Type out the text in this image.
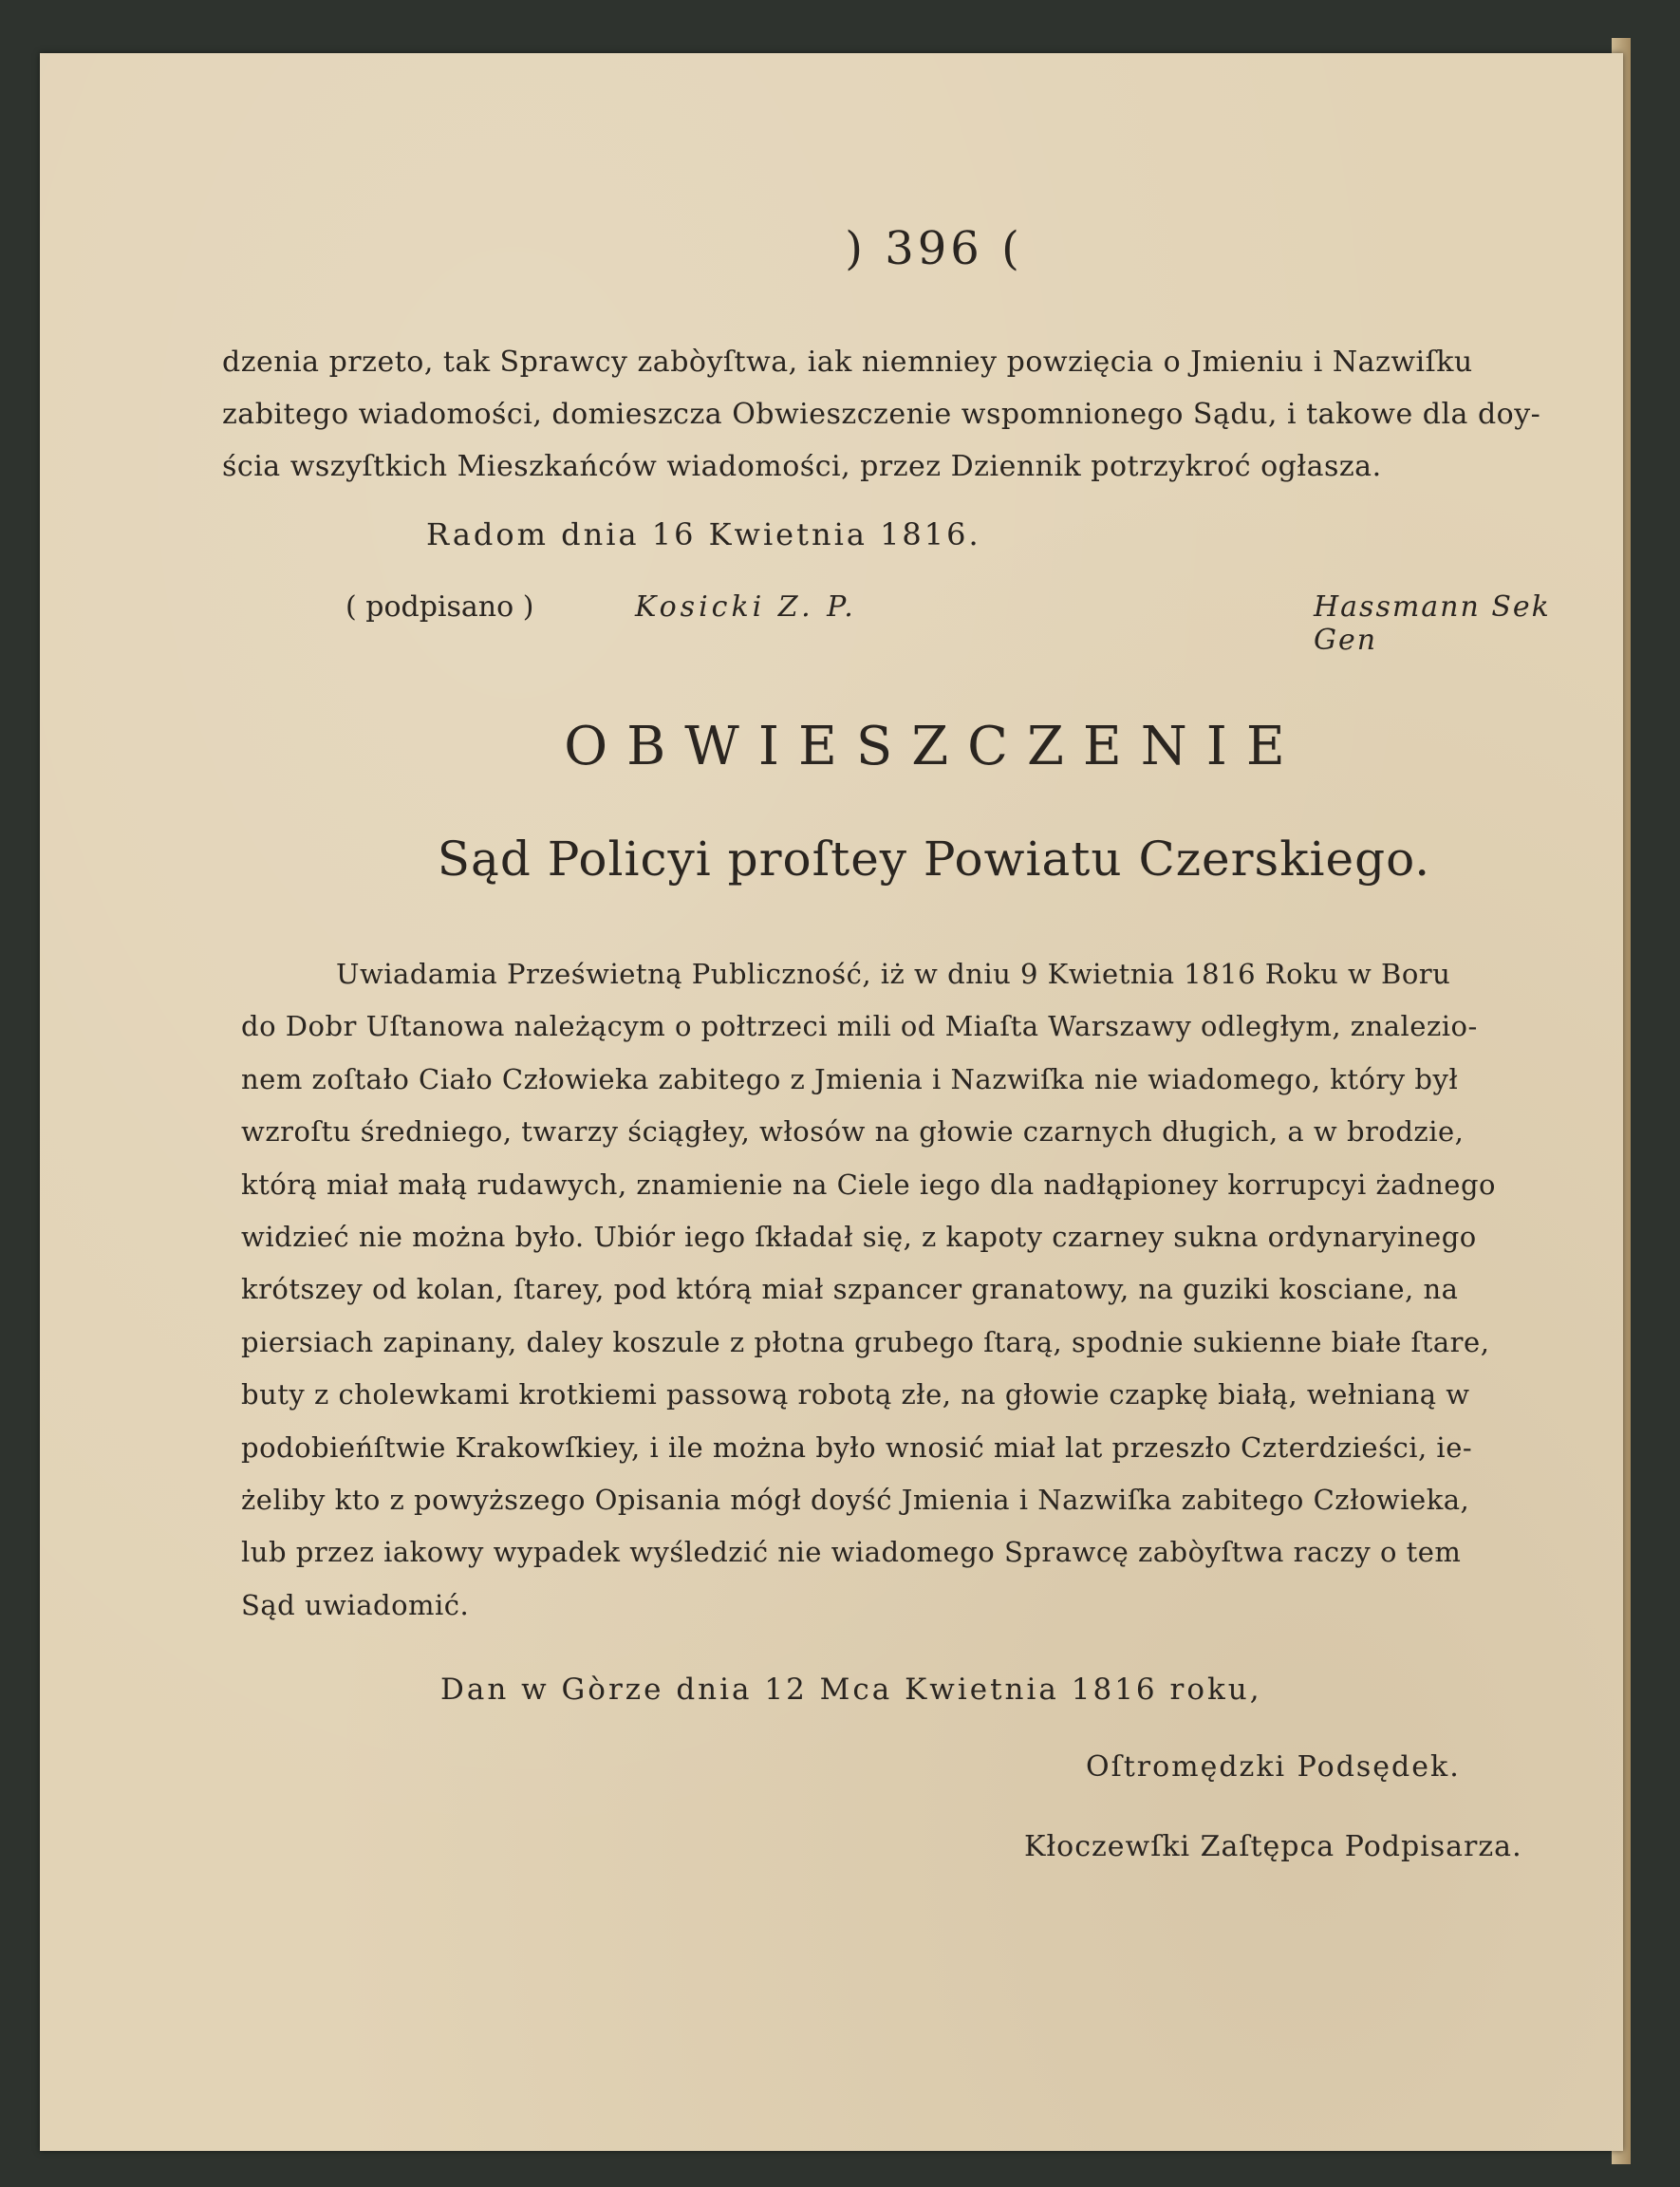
) 396 (
dzenia przeto, tak Sprawcy zabòyſtwa, iak niemniey powzięcia o Jmieniu i Nazwiſku
zabitego wiadomości, domieszcza Obwieszczenie wspomnionego Sądu, i takowe dla doy-
ścia wszyſtkich Mieszkańców wiadomości, przez Dziennik potrzykroć ogłasza.
Radom dnia 16 Kwietnia 1816.
( podpisano )	Kosicki Z. P.	Hassmann Sek Gen
OBWIESZCZENIE
Sąd Policyi proſtey Powiatu Czerskiego.
Uwiadamia Prześwietną Publiczność, iż w dniu 9 Kwietnia 1816 Roku w Boru
do Dobr Uſtanowa należącym o połtrzeci mili od Miaſta Warszawy odległym, znalezio-
nem zoſtało Ciało Człowieka zabitego z Jmienia i Nazwiſka nie wiadomego, który był
wzroſtu średniego, twarzy ściągłey, włosów na głowie czarnych długich, a w brodzie,
którą miał małą rudawych, znamienie na Ciele iego dla nadłąpioney korrupcyi żadnego
widzieć nie można było. Ubiór iego ſkładał się, z kapoty czarney sukna ordynaryinego
krótszey od kolan, ſtarey, pod którą miał szpancer granatowy, na guziki kosciane, na
piersiach zapinany, daley koszule z płotna grubego ſtarą, spodnie sukienne białe ſtare,
buty z cholewkami krotkiemi passową robotą złe, na głowie czapkę białą, wełnianą w
podobieńſtwie Krakowſkiey, i ile można było wnosić miał lat przeszło Czterdzieści, ie-
żeliby kto z powyższego Opisania mógł doyść Jmienia i Nazwiſka zabitego Człowieka,
lub przez iakowy wypadek wyśledzić nie wiadomego Sprawcę zabòyſtwa raczy o tem
Sąd uwiadomić.
Dan w Gòrze dnia 12 Mca Kwietnia 1816 roku,
Oſtromędzki Podsędek.
Kłoczewſki Zaſtępca Podpisarza.
